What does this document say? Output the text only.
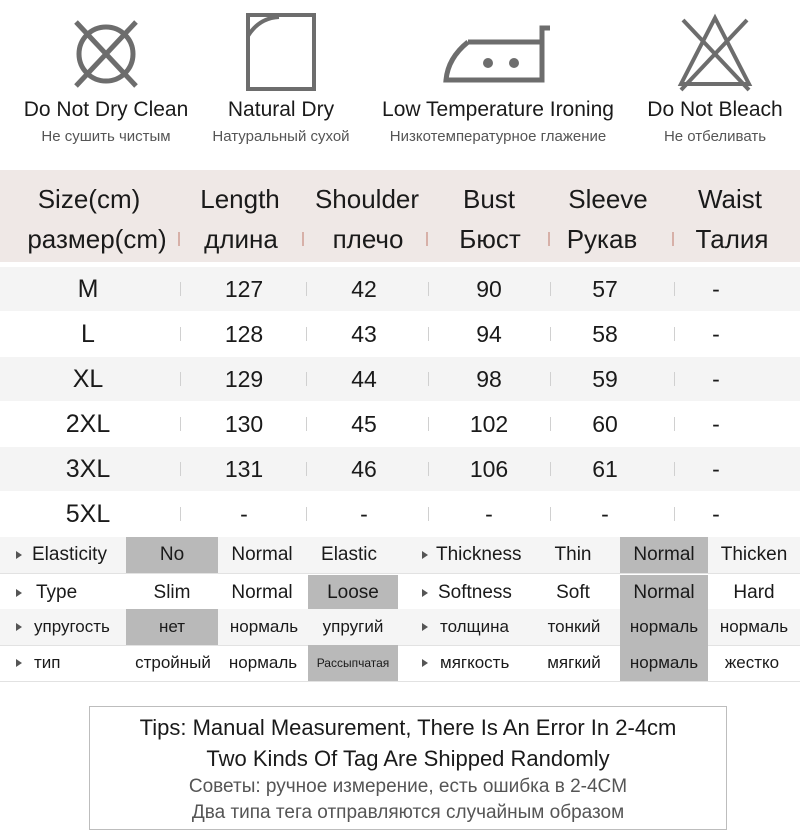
Do Not Dry Clean
Не сушить чистым
Natural Dry
Натуральный сухой
Low Temperature Ironing
Низкотемпературное глажение
Do Not Bleach
Не отбеливать
Size(cm)	Length	Shoulder	Bust	Sleeve	Waist
размер(cm)	длина	плечо	Бюст	Рукав	Талия
M	127	42	90	57	-
L	128	43	94	58	-
XL	129	44	98	59	-
2XL	130	45	102	60	-
3XL	131	46	106	61	-
5XL	-	-	-	-	-
Elasticity	No	Normal	Elastic	Thickness	Thin	Normal	Thicken
Type	Slim	Normal	Loose	Softness	Soft	Normal	Hard
упругость	нет	нормаль	упругий	толщина	тонкий	нормаль	нормаль
тип	стройный	нормаль	Рассыпчатая	мягкость	мягкий	нормаль	жестко
Tips: Manual Measurement, There Is An Error In 2-4cm
Two Kinds Of Tag Are Shipped Randomly
Советы: ручное измерение, есть ошибка в 2-4CM
Два типа тега отправляются случайным образом
